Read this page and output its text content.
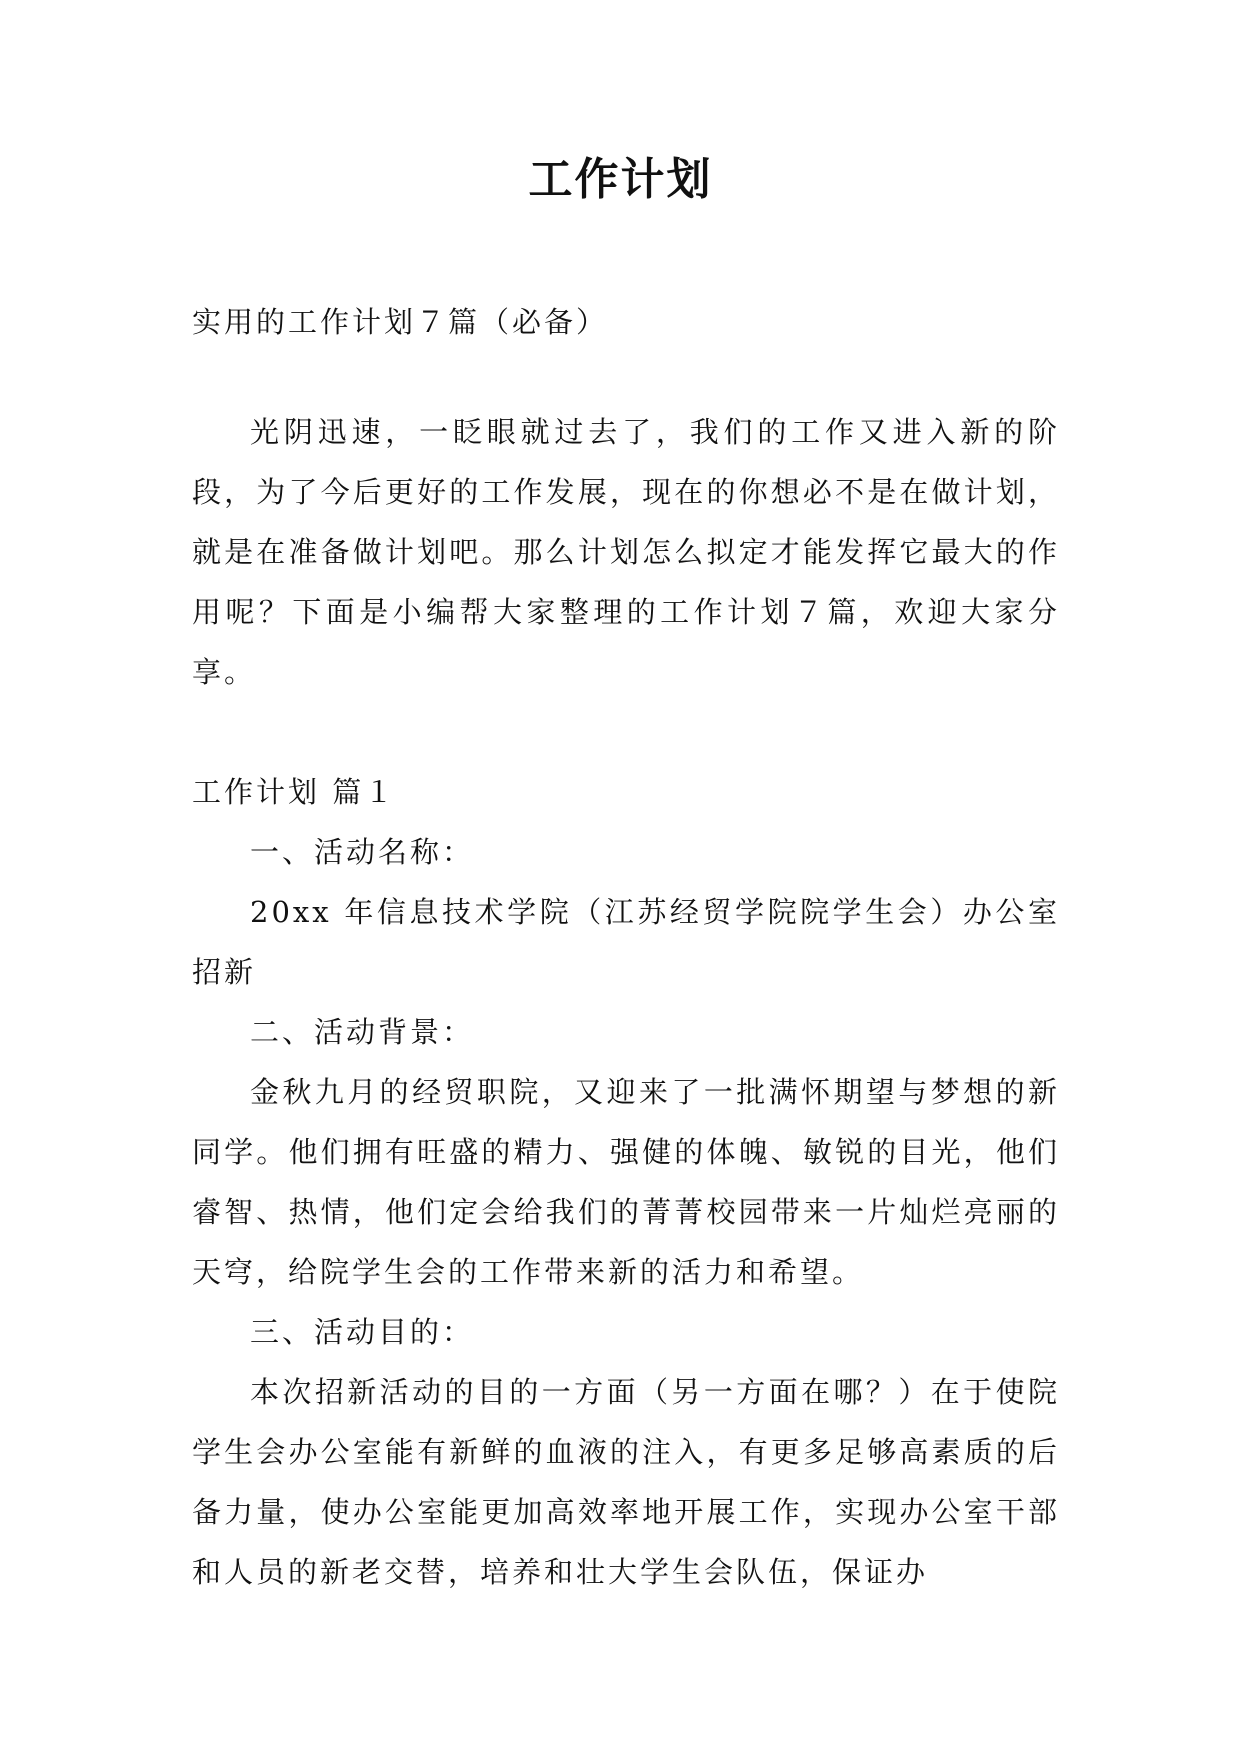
工作计划
实用的工作计划７篇（必备）

光阴迅速，一眨眼就过去了，我们的工作又进入新的阶段，为了今后更好的工作发展，现在的你想必不是在做计划，就是在准备做计划吧。那么计划怎么拟定才能发挥它最大的作用呢？下面是小编帮大家整理的工作计划７篇，欢迎大家分享。

工作计划 篇１

一、活动名称：

20xx 年信息技术学院（江苏经贸学院院学生会）办公室招新

二、活动背景：

金秋九月的经贸职院，又迎来了一批满怀期望与梦想的新同学。他们拥有旺盛的精力、强健的体魄、敏锐的目光，他们睿智、热情，他们定会给我们的菁菁校园带来一片灿烂亮丽的天穹，给院学生会的工作带来新的活力和希望。

三、活动目的：

本次招新活动的目的一方面（另一方面在哪？）在于使院学生会办公室能有新鲜的血液的注入，有更多足够高素质的后备力量，使办公室能更加高效率地开展工作，实现办公室干部和人员的新老交替，培养和壮大学生会队伍，保证办
